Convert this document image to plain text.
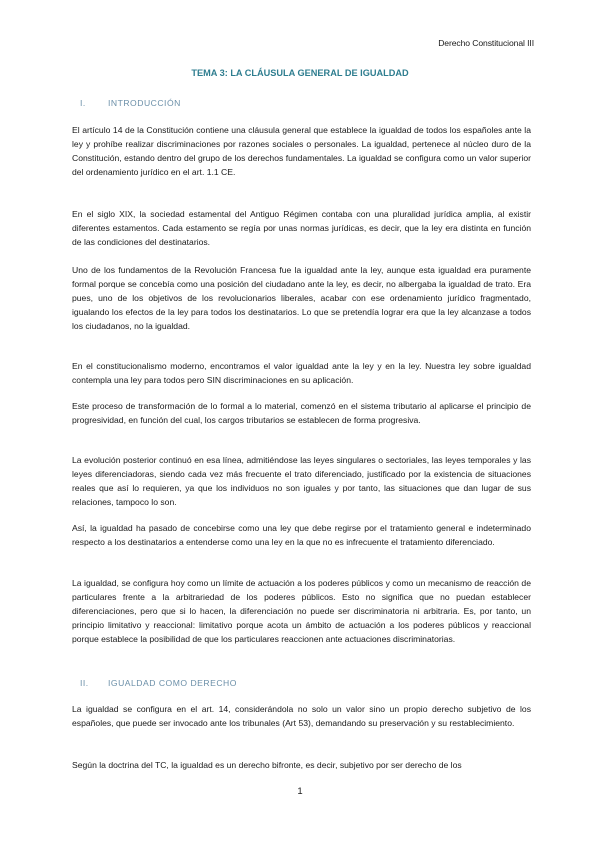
Derecho Constitucional III
TEMA 3: LA CLÁUSULA GENERAL DE IGUALDAD
I.	INTRODUCCIÓN

El artículo 14 de la Constitución contiene una cláusula general que establece la igualdad de todos los españoles ante la ley y prohíbe realizar discriminaciones por razones sociales o personales. La igualdad, pertenece al núcleo duro de la Constitución, estando dentro del grupo de los derechos fundamentales. La igualdad se configura como un valor superior del ordenamiento jurídico en el art. 1.1 CE.

En el siglo XIX, la sociedad estamental del Antiguo Régimen contaba con una pluralidad jurídica amplia, al existir diferentes estamentos. Cada estamento se regía por unas normas jurídicas, es decir, que la ley era distinta en función de las condiciones del destinatarios.

Uno de los fundamentos de la Revolución Francesa fue la igualdad ante la ley, aunque esta igualdad era puramente formal porque se concebía como una posición del ciudadano ante la ley, es decir, no albergaba la igualdad de trato. Era pues, uno de los objetivos de los revolucionarios liberales, acabar con ese ordenamiento jurídico fragmentado, igualando los efectos de la ley para todos los destinatarios. Lo que se pretendía lograr era que la ley alcanzase a todos los ciudadanos, no la igualdad.

En el constitucionalismo moderno, encontramos el valor igualdad ante la ley y en la ley. Nuestra ley sobre igualdad contempla una ley para todos pero SIN discriminaciones en su aplicación.

Este proceso de transformación de lo formal a lo material, comenzó en el sistema tributario al aplicarse el principio de progresividad, en función del cual, los cargos tributarios se establecen de forma progresiva.

La evolución posterior continuó en esa línea, admitiéndose las leyes singulares o sectoriales, las leyes temporales y las leyes diferenciadoras, siendo cada vez más frecuente el trato diferenciado, justificado por la existencia de situaciones reales que así lo requieren, ya que los individuos no son iguales y por tanto, las situaciones que dan lugar de sus relaciones, tampoco lo son.

Así, la igualdad ha pasado de concebirse como una ley que debe regirse por el tratamiento general e indeterminado respecto a los destinatarios a entenderse como una ley en la que no es infrecuente el tratamiento diferenciado.

La igualdad, se configura hoy como un límite de actuación a los poderes públicos y como un mecanismo de reacción de particulares frente a la arbitrariedad de los poderes públicos. Esto no significa que no puedan establecer diferenciaciones, pero que si lo hacen, la diferenciación no puede ser discriminatoria ni arbitraria. Es, por tanto, un principio limitativo y reaccional: limitativo porque acota un ámbito de actuación a los poderes públicos y reaccional porque establece la posibilidad de que los particulares reaccionen ante actuaciones discriminatorias.

II. IGUALDAD COMO DERECHO

La igualdad se configura en el art. 14, considerándola no solo un valor sino un propio derecho subjetivo de los españoles, que puede ser invocado ante los tribunales (Art 53), demandando su preservación y su restablecimiento.

Según la doctrina del TC, la igualdad es un derecho bifronte, es decir, subjetivo por ser derecho de los

1
